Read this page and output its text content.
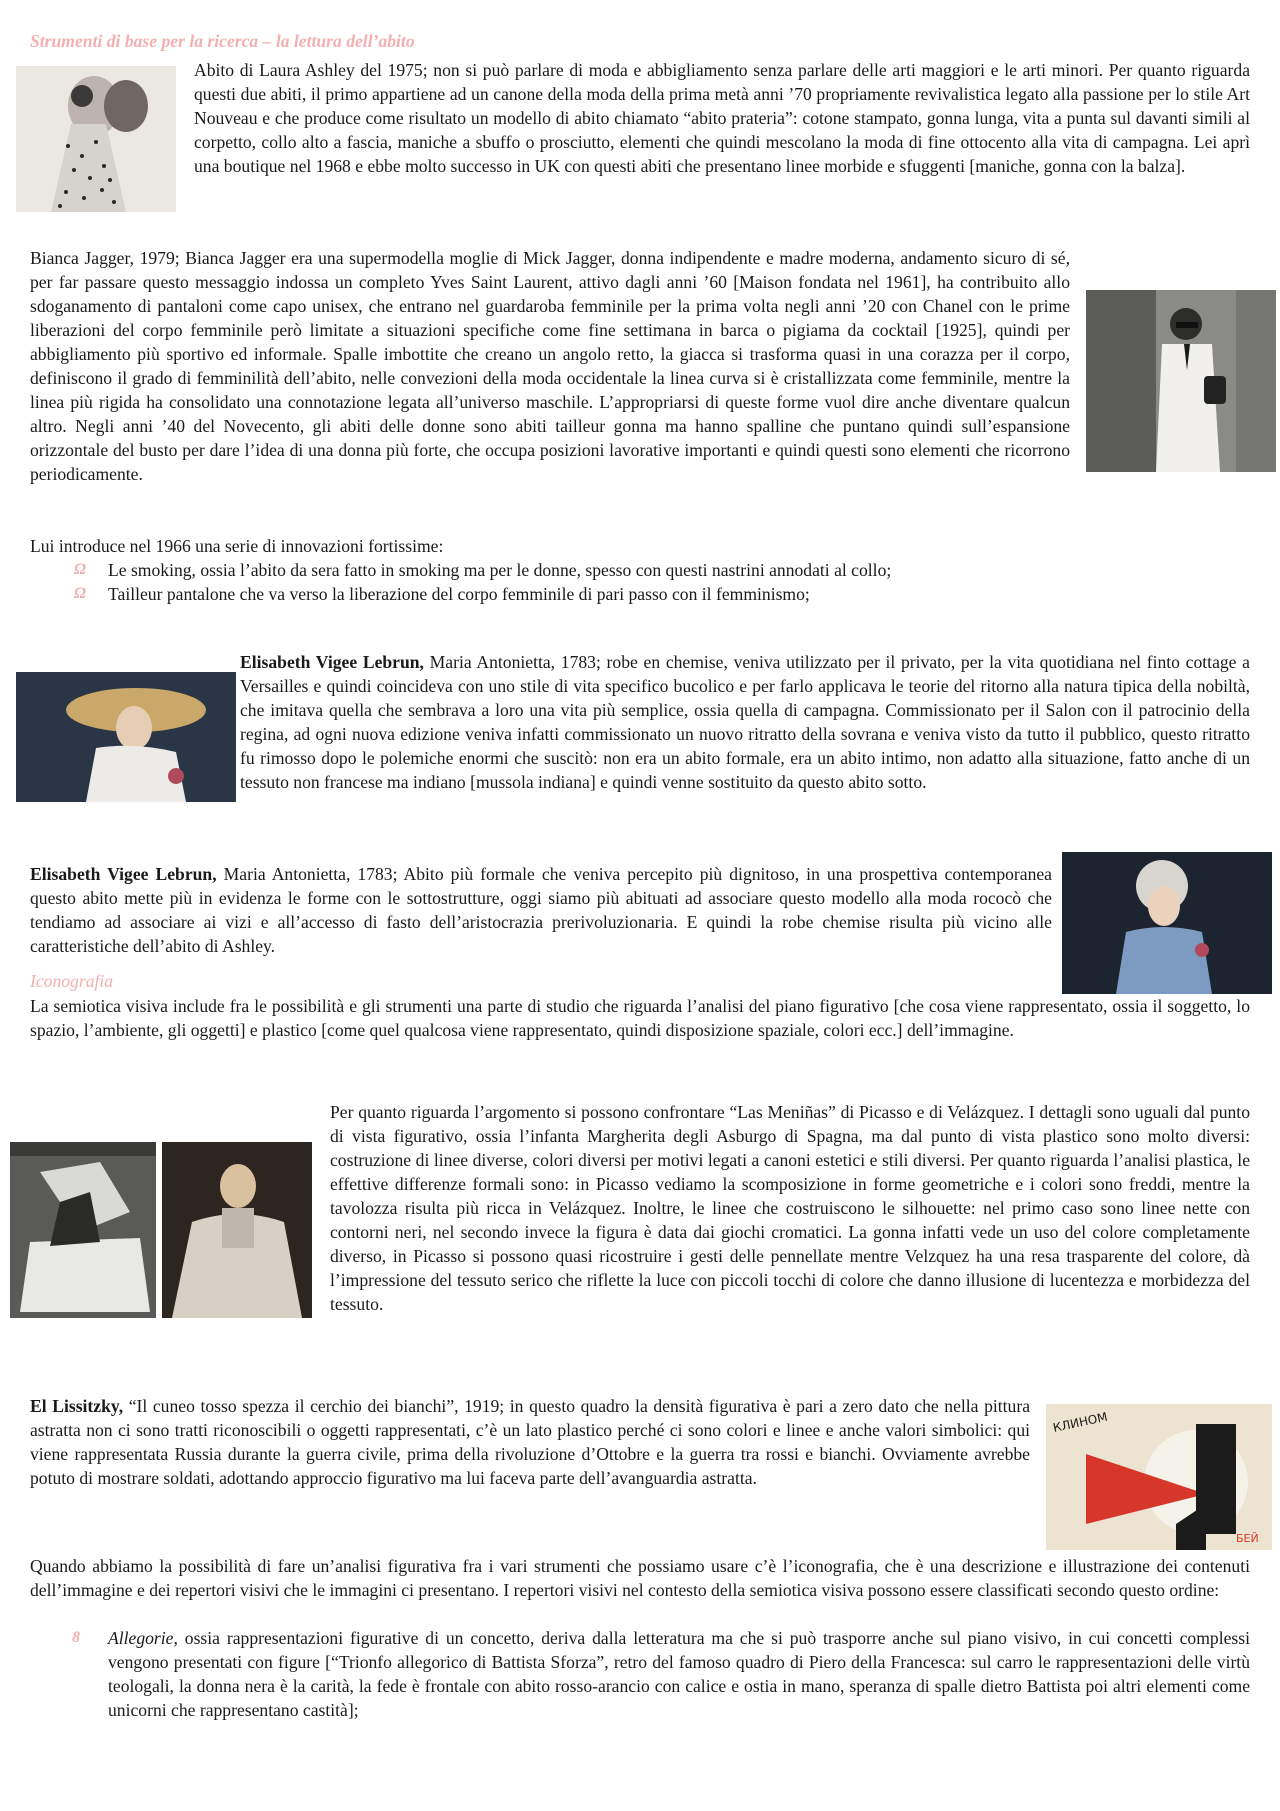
Strumenti di base per la ricerca – la lettura dell’abito

Abito di Laura Ashley del 1975; non si può parlare di moda e abbigliamento senza parlare delle arti maggiori e le arti minori. Per quanto riguarda questi due abiti, il primo appartiene ad un canone della moda della prima metà anni ’70 propriamente revivalistica legato alla passione per lo stile Art Nouveau e che produce come risultato un modello di abito chiamato “abito prateria”: cotone stampato, gonna lunga, vita a punta sul davanti simili al corpetto, collo alto a fascia, maniche a sbuffo o prosciutto, elementi che quindi mescolano la moda di fine ottocento alla vita di campagna. Lei aprì una boutique nel 1968 e ebbe molto successo in UK con questi abiti che presentano linee morbide e sfuggenti [maniche, gonna con la balza].

Bianca Jagger, 1979; Bianca Jagger era una supermodella moglie di Mick Jagger, donna indipendente e madre moderna, andamento sicuro di sé, per far passare questo messaggio indossa un completo Yves Saint Laurent, attivo dagli anni ’60 [Maison fondata nel 1961], ha contribuito allo sdoganamento di pantaloni come capo unisex, che entrano nel guardaroba femminile per la prima volta negli anni ’20 con Chanel con le prime liberazioni del corpo femminile però limitate a situazioni specifiche come fine settimana in barca o pigiama da cocktail [1925], quindi per abbigliamento più sportivo ed informale. Spalle imbottite che creano un angolo retto, la giacca si trasforma quasi in una corazza per il corpo, definiscono il grado di femminilità dell’abito, nelle convezioni della moda occidentale la linea curva si è cristallizzata come femminile, mentre la linea più rigida ha consolidato una connotazione legata all’universo maschile. L’appropriarsi di queste forme vuol dire anche diventare qualcun altro. Negli anni ’40 del Novecento, gli abiti delle donne sono abiti tailleur gonna ma hanno spalline che puntano quindi sull’espansione orizzontale del busto per dare l’idea di una donna più forte, che occupa posizioni lavorative importanti e quindi questi sono elementi che ricorrono periodicamente.

Lui introduce nel 1966 una serie di innovazioni fortissime:

Ω Le smoking, ossia l’abito da sera fatto in smoking ma per le donne, spesso con questi nastrini annodati al collo;
Ω Tailleur pantalone che va verso la liberazione del corpo femminile di pari passo con il femminismo;

Elisabeth Vigee Lebrun, Maria Antonietta, 1783; robe en chemise, veniva utilizzato per il privato, per la vita quotidiana nel finto cottage a Versailles e quindi coincideva con uno stile di vita specifico bucolico e per farlo applicava le teorie del ritorno alla natura tipica della nobiltà, che imitava quella che sembrava a loro una vita più semplice, ossia quella di campagna. Commissionato per il Salon con il patrocinio della regina, ad ogni nuova edizione veniva infatti commissionato un nuovo ritratto della sovrana e veniva visto da tutto il pubblico, questo ritratto fu rimosso dopo le polemiche enormi che suscitò: non era un abito formale, era un abito intimo, non adatto alla situazione, fatto anche di un tessuto non francese ma indiano [mussola indiana] e quindi venne sostituito da questo abito sotto.

Elisabeth Vigee Lebrun, Maria Antonietta, 1783; Abito più formale che veniva percepito più dignitoso, in una prospettiva contemporanea questo abito mette più in evidenza le forme con le sottostrutture, oggi siamo più abituati ad associare questo modello alla moda rococò che tendiamo ad associare ai vizi e all’accesso di fasto dell’aristocrazia prerivoluzionaria. E quindi la robe chemise risulta più vicino alle caratteristiche dell’abito di Ashley.

Iconografia

La semiotica visiva include fra le possibilità e gli strumenti una parte di studio che riguarda l’analisi del piano figurativo [che cosa viene rappresentato, ossia il soggetto, lo spazio, l’ambiente, gli oggetti] e plastico [come quel qualcosa viene rappresentato, quindi disposizione spaziale, colori ecc.] dell’immagine.

Per quanto riguarda l’argomento si possono confrontare “Las Meniñas” di Picasso e di Velázquez. I dettagli sono uguali dal punto di vista figurativo, ossia l’infanta Margherita degli Asburgo di Spagna, ma dal punto di vista plastico sono molto diversi: costruzione di linee diverse, colori diversi per motivi legati a canoni estetici e stili diversi. Per quanto riguarda l’analisi plastica, le effettive differenze formali sono: in Picasso vediamo la scomposizione in forme geometriche e i colori sono freddi, mentre la tavolozza risulta più ricca in Velázquez. Inoltre, le linee che costruiscono le silhouette: nel primo caso sono linee nette con contorni neri, nel secondo invece la figura è data dai giochi cromatici. La gonna infatti vede un uso del colore completamente diverso, in Picasso si possono quasi ricostruire i gesti delle pennellate mentre Velzquez ha una resa trasparente del colore, dà l’impressione del tessuto serico che riflette la luce con piccoli tocchi di colore che danno illusione di lucentezza e morbidezza del tessuto.

El Lissitzky, “Il cuneo tosso spezza il cerchio dei bianchi”, 1919; in questo quadro la densità figurativa è pari a zero dato che nella pittura astratta non ci sono tratti riconoscibili o oggetti rappresentati, c’è un lato plastico perché ci sono colori e linee e anche valori simbolici: qui viene rappresentata Russia durante la guerra civile, prima della rivoluzione d’Ottobre e la guerra tra rossi e bianchi. Ovviamente avrebbe potuto di mostrare soldati, adottando approccio figurativo ma lui faceva parte dell’avanguardia astratta.

КЛИНОМ
БЕЙ

Quando abbiamo la possibilità di fare un’analisi figurativa fra i vari strumenti che possiamo usare c’è l’iconografia, che è una descrizione e illustrazione dei contenuti dell’immagine e dei repertori visivi che le immagini ci presentano. I repertori visivi nel contesto della semiotica visiva possono essere classificati secondo questo ordine:

8 Allegorie, ossia rappresentazioni figurative di un concetto, deriva dalla letteratura ma che si può trasporre anche sul piano visivo, in cui concetti complessi vengono presentati con figure [“Trionfo allegorico di Battista Sforza”, retro del famoso quadro di Piero della Francesca: sul carro le rappresentazioni delle virtù teologali, la donna nera è la carità, la fede è frontale con abito rosso-arancio con calice e ostia in mano, speranza di spalle dietro Battista poi altri elementi come unicorni che rappresentano castità];
